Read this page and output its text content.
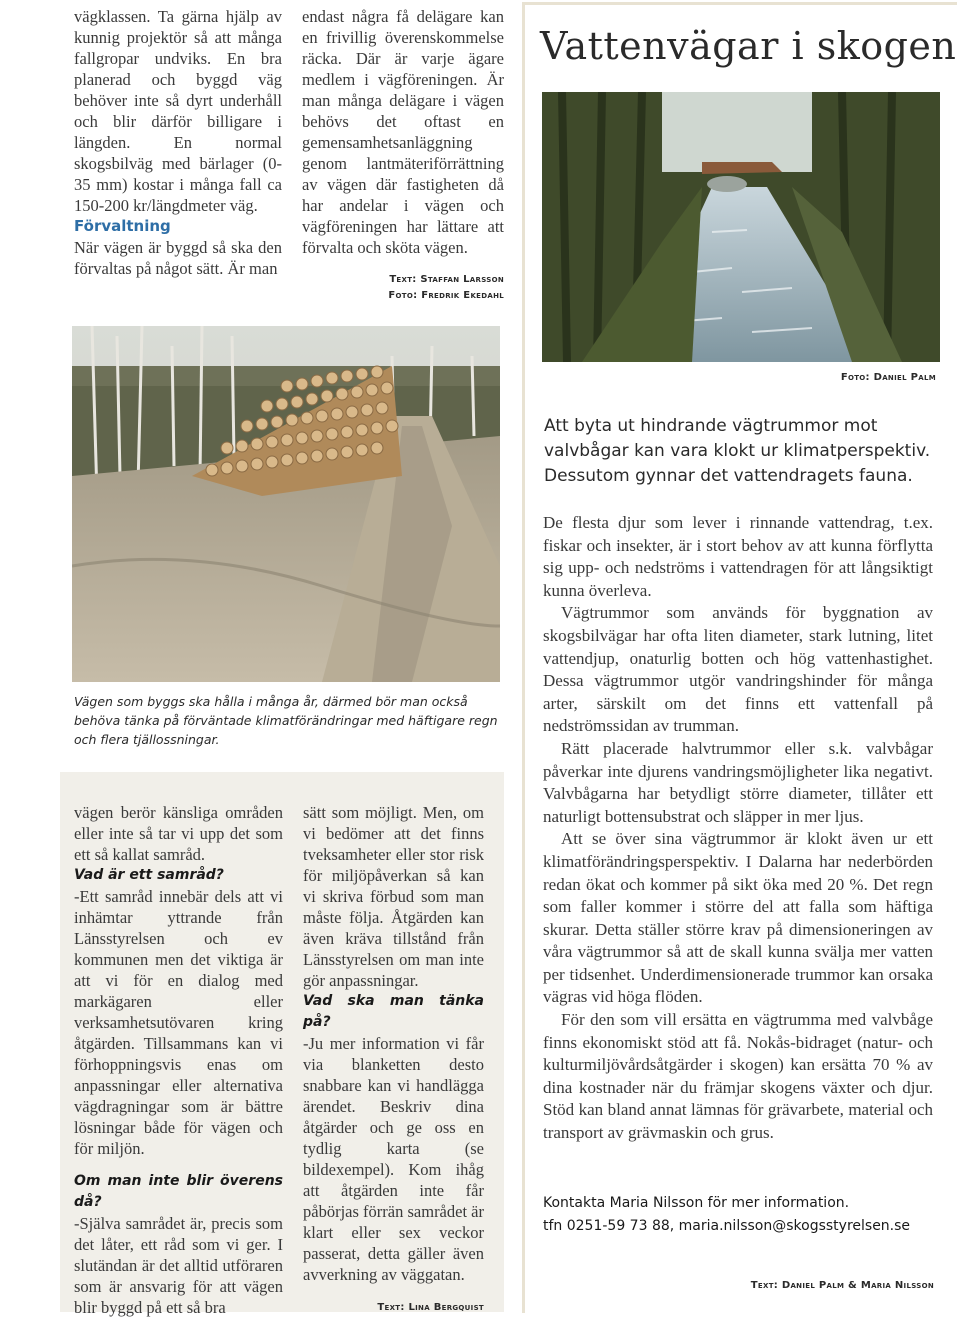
vägklassen. Ta gärna hjälp av kunnig projektör så att många fallgropar undviks. En bra planerad och byggd väg behöver inte så dyrt underhåll och blir därför billigare i längden. En normal skogsbilväg med bärlager (0-35 mm) kostar i många fall ca 150-200 kr/längdmeter väg.

Förvaltning

När vägen är byggd så ska den förvaltas på något sätt. Är man

endast några få delägare kan en frivillig överenskommelse räcka. Där är varje ägare medlem i vägföreningen. Är man många delägare i vägen behövs det oftast en gemensamhetsanläggning genom lantmäteriförrättning av vägen där fastigheten då har andelar i vägen och vägföreningen har lättare att förvalta och sköta vägen.

Text: Staffan Larsson
Foto: Fredrik Ekedahl
Vägen som byggs ska hålla i många år, därmed bör man också behöva tänka på förväntade klimatförändringar med häftigare regn och flera tjällossningar.

vägen berör känsliga områden eller inte så tar vi upp det som ett så kallat samråd.

Vad är ett samråd?

-Ett samråd innebär dels att vi inhämtar yttrande från Länsstyrelsen och ev kommunen men det viktiga är att vi för en dialog med markägaren eller verksamhetsutövaren kring åtgärden. Tillsammans kan vi förhoppningsvis enas om anpassningar eller alternativa vägdragningar som är bättre lösningar både för vägen och för miljön.

Om man inte blir överens då?

-Själva samrådet är, precis som det låter, ett råd som vi ger. I slutändan är det alltid utföraren som är ansvarig för att vägen blir byggd på ett så bra

sätt som möjligt. Men, om vi bedömer att det finns tveksamheter eller stor risk för miljöpåverkan så kan vi skriva förbud som man måste följa. Åtgärden kan även kräva tillstånd från Länsstyrelsen om man inte gör anpassningar.

Vad ska man tänka på?

-Ju mer information vi får via blanketten desto snabbare kan vi handlägga ärendet. Beskriv dina åtgärder och ge oss en tydlig karta (se bildexempel). Kom ihåg att åtgärden inte får påbörjas förrän samrådet är klart eller sex veckor passerat, detta gäller även avverkning av väggatan.

Text: Lina Bergquist
Vattenvägar i skogen
Foto: Daniel Palm
Att byta ut hindrande vägtrummor mot valvbågar kan vara klokt ur klimatperspektiv. Dessutom gynnar det vattendragets fauna.

De flesta djur som lever i rinnande vattendrag, t.ex. fiskar och insekter, är i stort behov av att kunna förflytta sig upp- och nedströms i vattendragen för att långsiktigt kunna överleva.

Vägtrummor som används för byggnation av skogsbilvägar har ofta liten diameter, stark lutning, litet vattendjup, onaturlig botten och hög vattenhastighet. Dessa vägtrummor utgör vandringshinder för många arter, särskilt om det finns ett vattenfall på nedströmssidan av trumman.

Rätt placerade halvtrummor eller s.k. valvbågar påverkar inte djurens vandringsmöjligheter lika negativt. Valvbågarna har betydligt större diameter, tillåter ett naturligt bottensubstrat och släpper in mer ljus.

Att se över sina vägtrummor är klokt även ur ett klimatförändringsperspektiv. I Dalarna har nederbörden redan ökat och kommer på sikt öka med 20 %. Det regn som faller kommer i större del att falla som häftiga skurar. Detta ställer större krav på dimensioneringen av våra vägtrummor så att de skall kunna svälja mer vatten per tidsenhet. Underdimensionerade trummor kan orsaka vägras vid höga flöden.

För den som vill ersätta en vägtrumma med valvbåge finns ekonomiskt stöd att få. Nokås-bidraget (natur- och kulturmiljövårdsåtgärder i skogen) kan ersätta 70 % av dina kostnader när du främjar skogens växter och djur. Stöd kan bland annat lämnas för grävarbete, material och transport av grävmaskin och grus.

Kontakta Maria Nilsson för mer information.
tfn 0251-59 73 88, maria.nilsson@skogsstyrelsen.se
Text: Daniel Palm & Maria Nilsson
